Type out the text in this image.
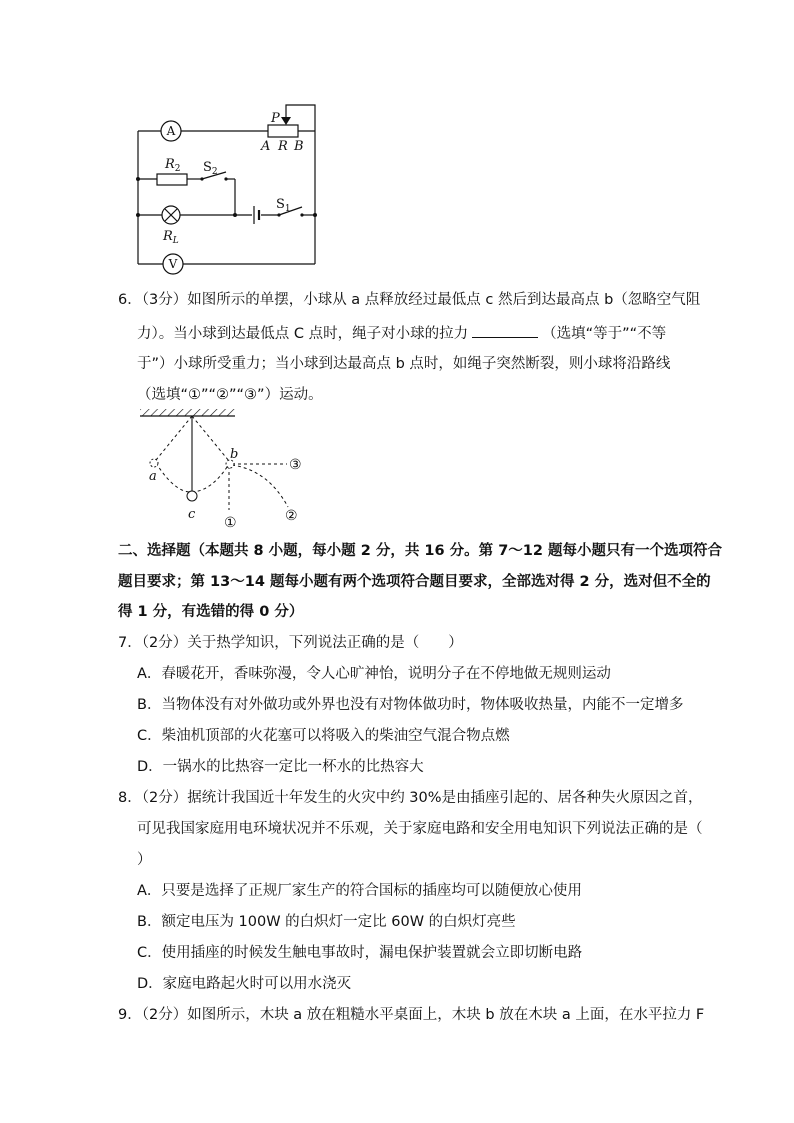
A
V
P
A R B
$R_2$
$R_L$
$S_2$
$S_1$
6．（3分）如图所示的单摆，小球从 a 点释放经过最低点 c 然后到达最高点 b（忽略空气阻
力）。当小球到达最低点 C 点时，绳子对小球的拉力	（选填“等于”“不等
于”）小球所受重力；当小球到达最高点 b 点时，如绳子突然断裂，则小球将沿路线
（选填“①”“②”“③”）运动。
a
b
c
①	②
③
二、选择题（本题共 8 小题，每小题 2 分，共 16 分。第 7～12 题每小题只有一个选项符合
题目要求；第 13～14 题每小题有两个选项符合题目要求，全部选对得 2 分，选对但不全的
得 1 分，有选错的得 0 分）
7．（2分）关于热学知识，下列说法正确的是（　　）
A．春暖花开，香味弥漫，令人心旷神怡，说明分子在不停地做无规则运动
B．当物体没有对外做功或外界也没有对物体做功时，物体吸收热量，内能不一定增多
C．柴油机顶部的火花塞可以将吸入的柴油空气混合物点燃
D．一锅水的比热容一定比一杯水的比热容大
8．（2分）据统计我国近十年发生的火灾中约 30%是由插座引起的、居各种失火原因之首，
可见我国家庭用电环境状况并不乐观，关于家庭电路和安全用电知识下列说法正确的是（
）
A．只要是选择了正规厂家生产的符合国标的插座均可以随便放心使用
B．额定电压为 100W 的白炽灯一定比 60W 的白炽灯亮些
C．使用插座的时候发生触电事故时，漏电保护装置就会立即切断电路
D．家庭电路起火时可以用水浇灭
9．（2分）如图所示，木块 a 放在粗糙水平桌面上，木块 b 放在木块 a 上面，在水平拉力 F
